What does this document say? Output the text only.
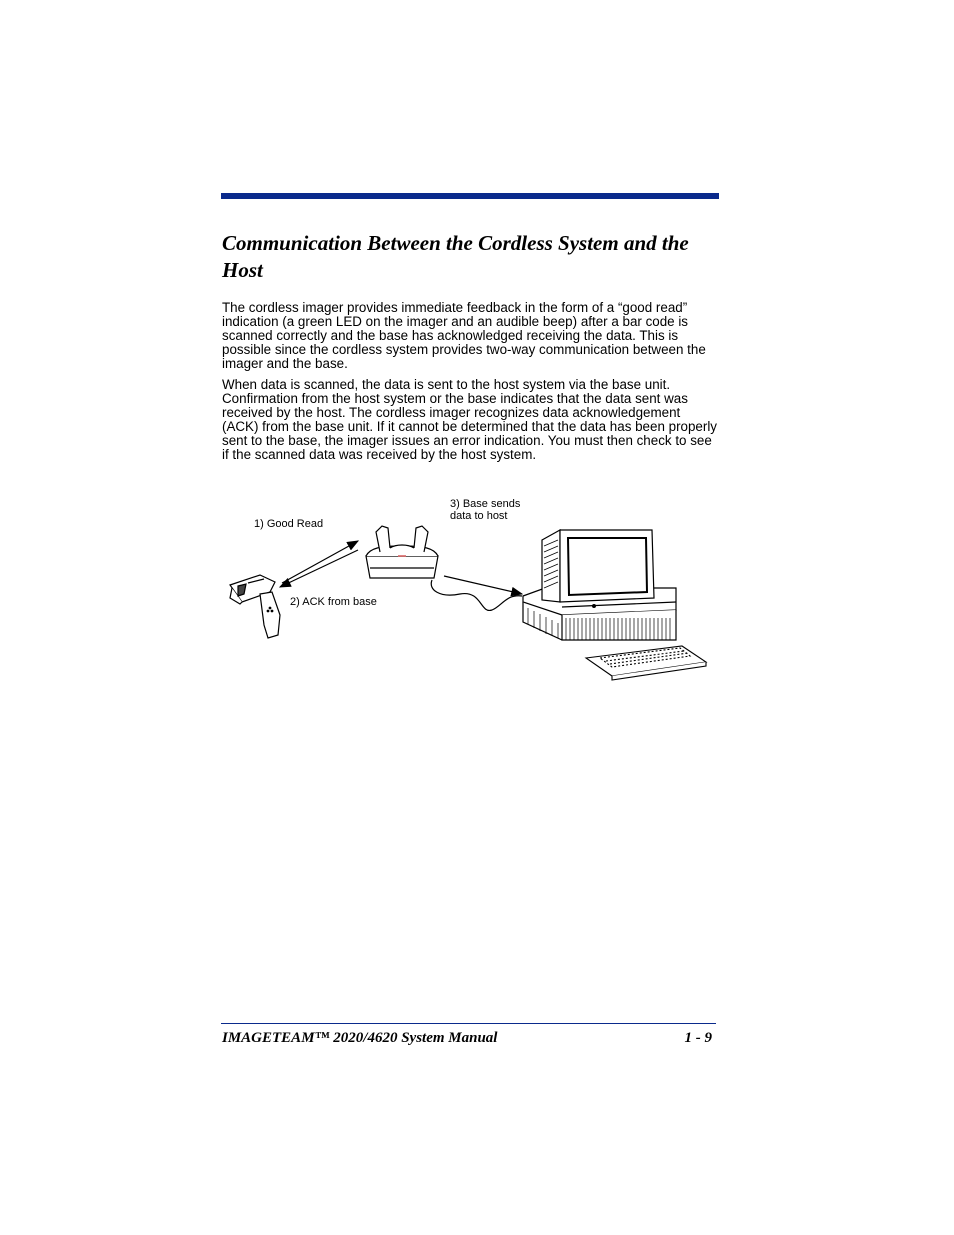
Communication Between the Cordless System and the Host
The cordless imager provides immediate feedback in the form of a “good read” indication (a green LED on the imager and an audible beep) after a bar code is scanned correctly and the base has acknowledged receiving the data. This is possible since the cordless system provides two-way communication between the imager and the base.
When data is scanned, the data is sent to the host system via the base unit. Confirmation from the host system or the base indicates that the data sent was received by the host. The cordless imager recognizes data acknowledgement (ACK) from the base unit. If it cannot be determined that the data has been properly sent to the base, the imager issues an error indication. You must then check to see if the scanned data was received by the host system.
1) Good Read
2) ACK from base
3) Base sends
data to host
IMAGETEAM™ 2020/4620 System Manual	1 - 9
